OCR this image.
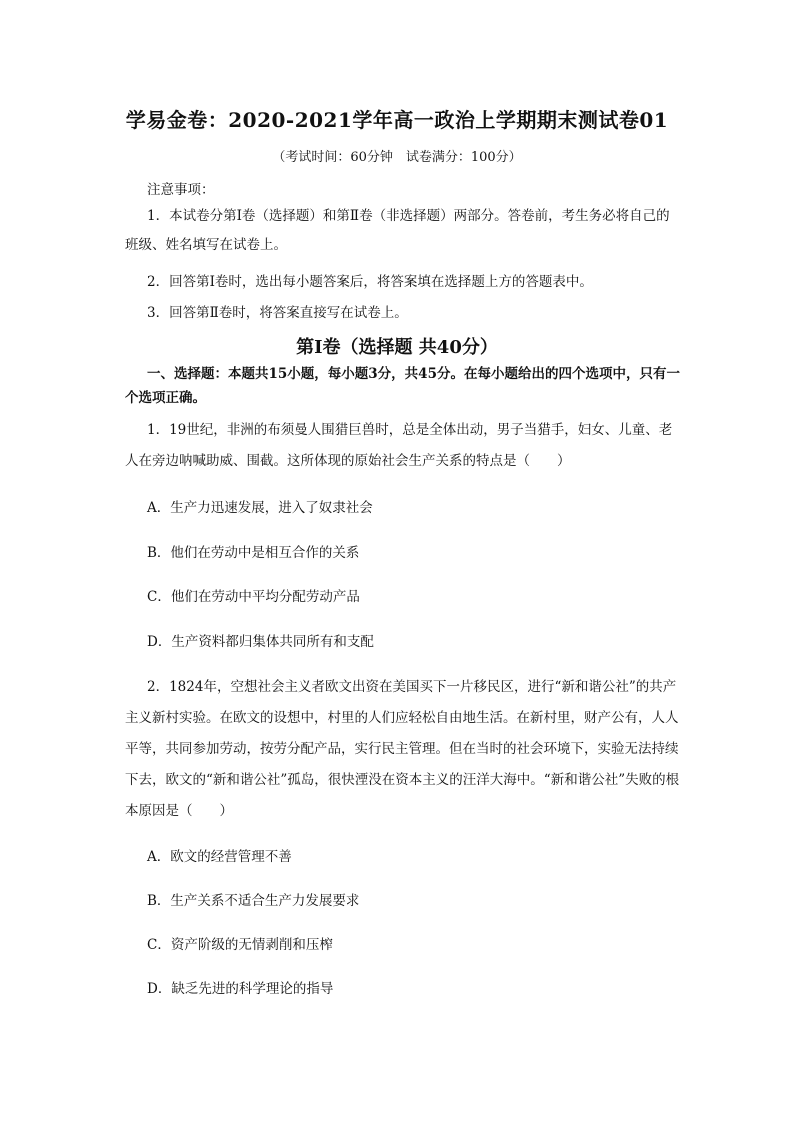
学易金卷：2020-2021学年高一政治上学期期末测试卷01
（考试时间：60分钟　试卷满分：100分）
注意事项：
1．本试卷分第Ⅰ卷（选择题）和第Ⅱ卷（非选择题）两部分。答卷前，考生务必将自己的班级、姓名填写在试卷上。
2．回答第Ⅰ卷时，选出每小题答案后，将答案填在选择题上方的答题表中。
3．回答第Ⅱ卷时，将答案直接写在试卷上。
第Ⅰ卷（选择题 共40分）
一、选择题：本题共15小题，每小题3分，共45分。在每小题给出的四个选项中，只有一个选项正确。
1．19世纪，非洲的布须曼人围猎巨兽时，总是全体出动，男子当猎手，妇女、儿童、老人在旁边呐喊助威、围截。这所体现的原始社会生产关系的特点是（　　）
A．生产力迅速发展，进入了奴隶社会
B．他们在劳动中是相互合作的关系
C．他们在劳动中平均分配劳动产品
D．生产资料都归集体共同所有和支配
2．1824年，空想社会主义者欧文出资在美国买下一片移民区，进行“新和谐公社”的共产主义新村实验。在欧文的设想中，村里的人们应轻松自由地生活。在新村里，财产公有，人人平等，共同参加劳动，按劳分配产品，实行民主管理。但在当时的社会环境下，实验无法持续下去，欧文的“新和谐公社”孤岛，很快湮没在资本主义的汪洋大海中。“新和谐公社”失败的根本原因是（　　）
A．欧文的经营管理不善
B．生产关系不适合生产力发展要求
C．资产阶级的无情剥削和压榨
D．缺乏先进的科学理论的指导
